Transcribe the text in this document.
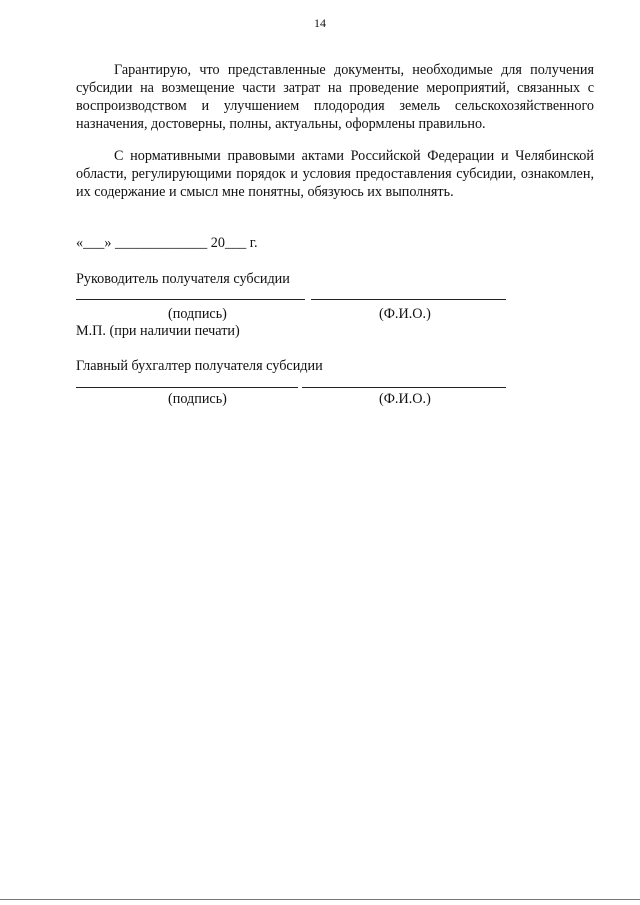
14

Гарантирую, что представленные документы, необходимые для получения субсидии на возмещение части затрат на проведение мероприятий, связанных с воспроизводством и улучшением плодородия земель сельскохозяйственного назначения, достоверны, полны, актуальны, оформлены правильно.

С нормативными правовыми актами Российской Федерации и Челябинской области, регулирующими порядок и условия предоставления субсидии, ознакомлен, их содержание и смысл мне понятны, обязуюсь их выполнять.

«___» _____________ 20___ г.
Руководитель получателя субсидии
(подпись)	(Ф.И.О.)
М.П. (при наличии печати)
Главный бухгалтер получателя субсидии
(подпись)	(Ф.И.О.)
